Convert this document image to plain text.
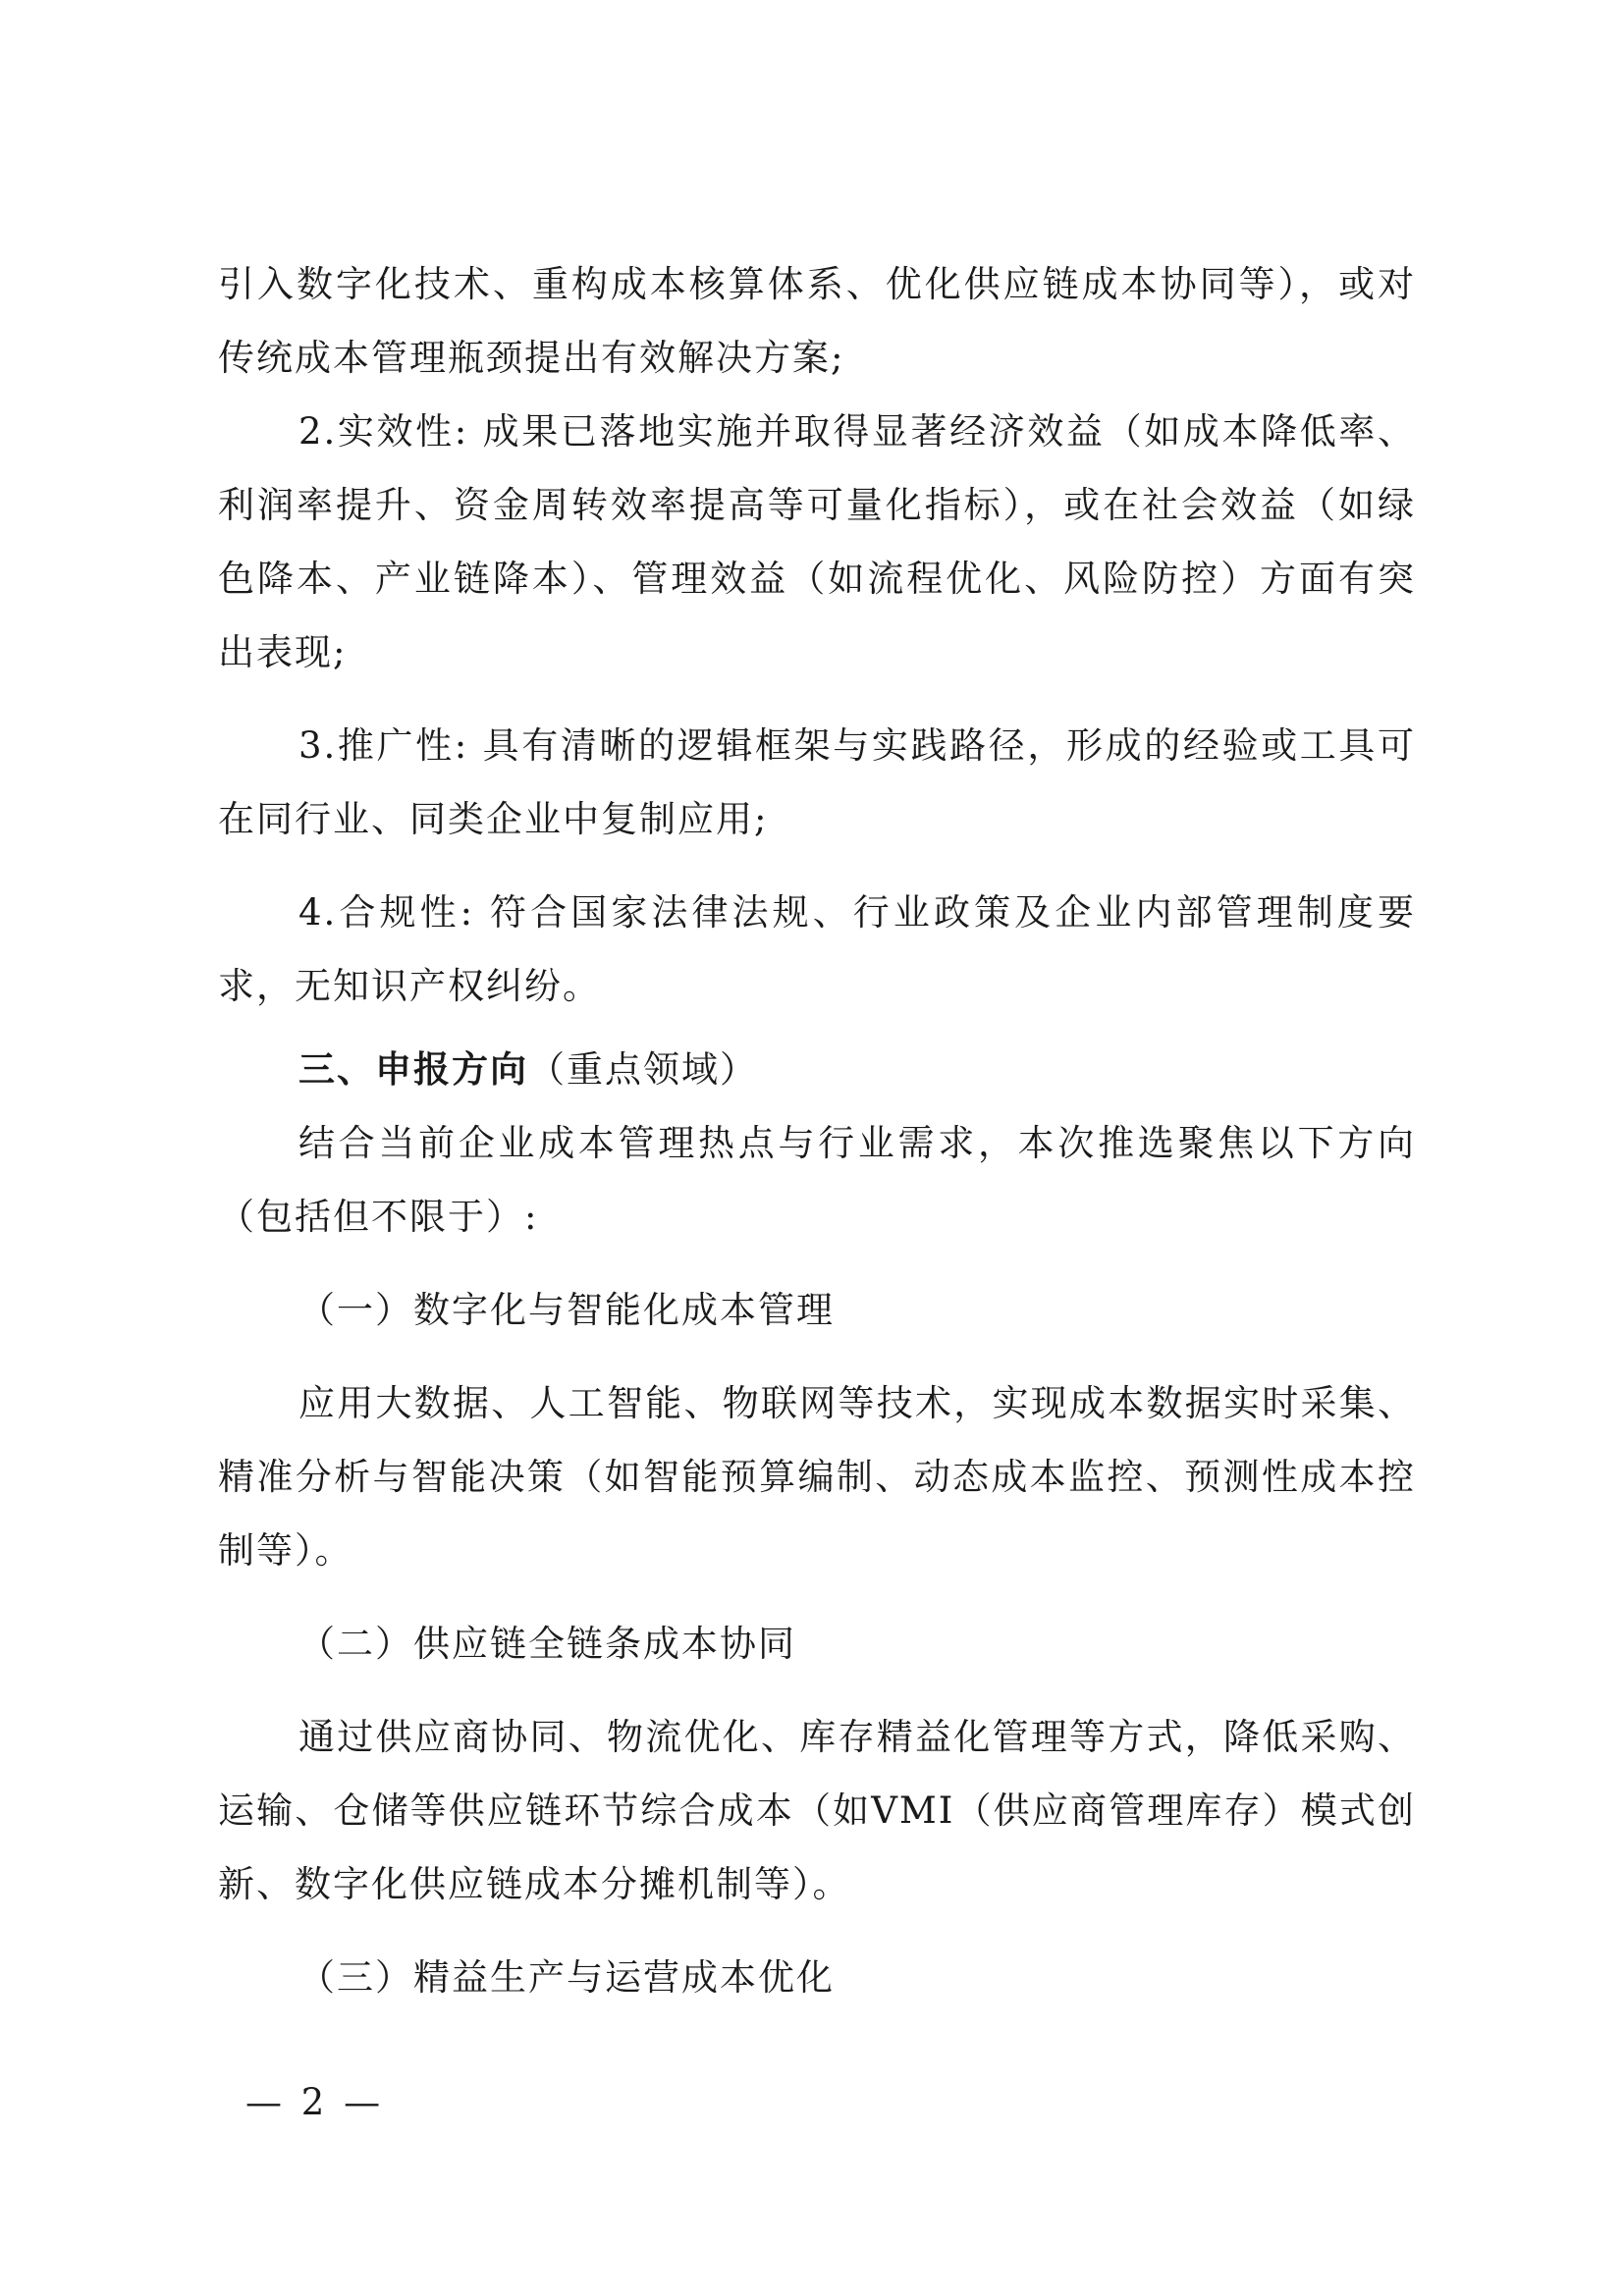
引入数字化技术、重构成本核算体系、优化供应链成本协同等），或对传统成本管理瓶颈提出有效解决方案;

2.实效性: 成果已落地实施并取得显著经济效益（如成本降低率、利润率提升、资金周转效率提高等可量化指标），或在社会效益（如绿色降本、产业链降本）、管理效益（如流程优化、风险防控）方面有突出表现;

3.推广性: 具有清晰的逻辑框架与实践路径，形成的经验或工具可在同行业、同类企业中复制应用;

4.合规性: 符合国家法律法规、行业政策及企业内部管理制度要求，无知识产权纠纷。

三、申报方向（重点领域）

结合当前企业成本管理热点与行业需求，本次推选聚焦以下方向（包括但不限于）:

（一）数字化与智能化成本管理

应用大数据、人工智能、物联网等技术，实现成本数据实时采集、精准分析与智能决策（如智能预算编制、动态成本监控、预测性成本控制等）。

（二）供应链全链条成本协同

通过供应商协同、物流优化、库存精益化管理等方式，降低采购、运输、仓储等供应链环节综合成本（如VMI（供应商管理库存）模式创新、数字化供应链成本分摊机制等）。

（三）精益生产与运营成本优化

— 2 —
